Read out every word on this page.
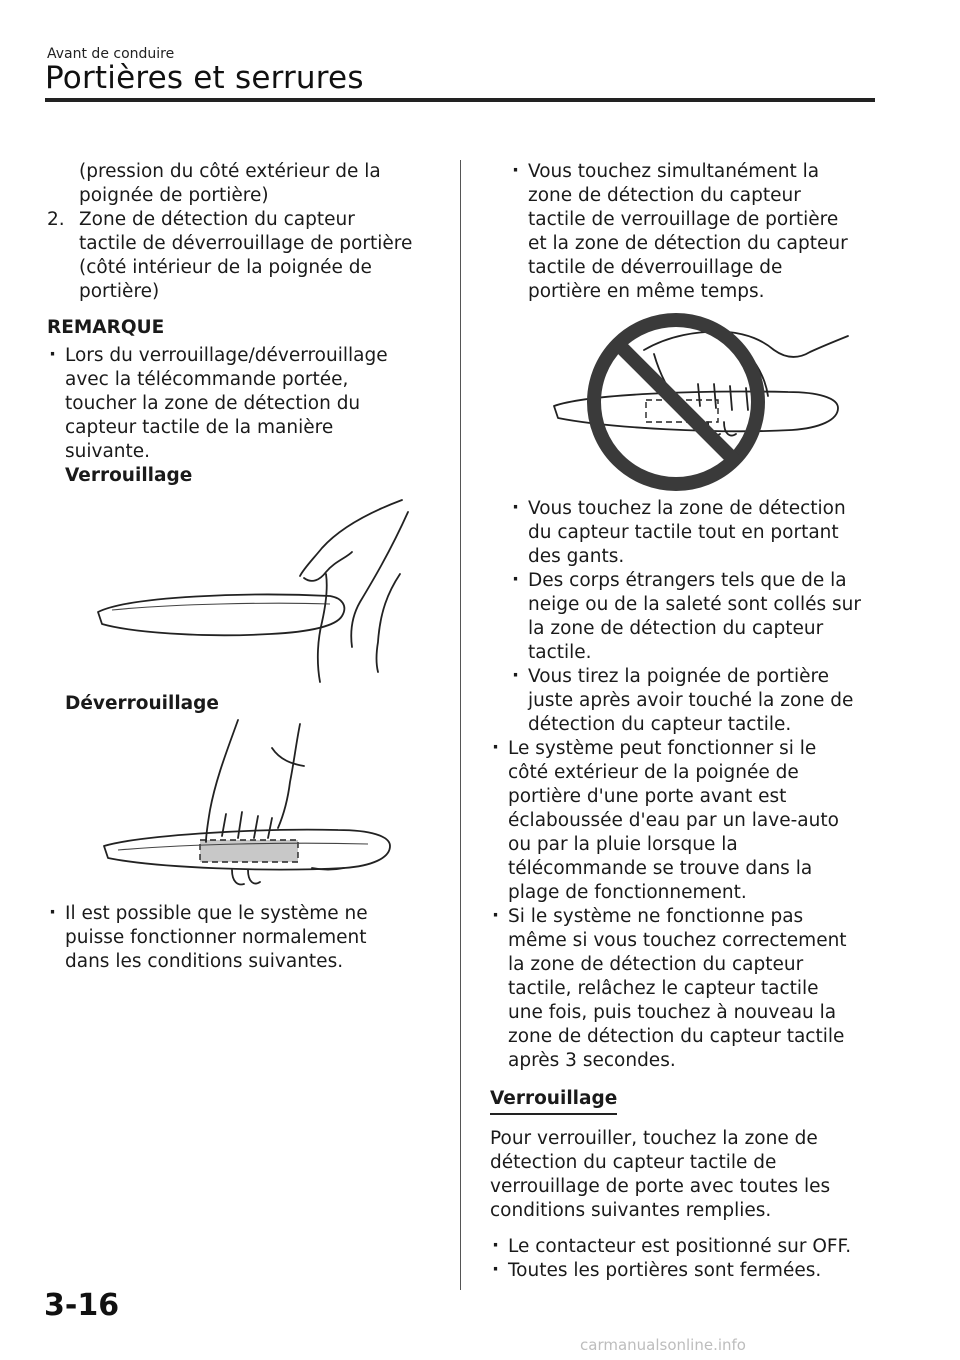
Avant de conduire
Portières et serrures

(pression du côté extérieur de la

poignée de portière)

2. Zone de détection du capteur

tactile de déverrouillage de portière

(côté intérieur de la poignée de

portière)

REMARQUE

· Lors du verrouillage/déverrouillage

avec la télécommande portée,

toucher la zone de détection du

capteur tactile de la manière

suivante.

Verrouillage

Déverrouillage

· Il est possible que le système ne

puisse fonctionner normalement

dans les conditions suivantes.

· Vous touchez simultanément la

zone de détection du capteur

tactile de verrouillage de portière

et la zone de détection du capteur

tactile de déverrouillage de

portière en même temps.

· Vous touchez la zone de détection

du capteur tactile tout en portant

des gants.

· Des corps étrangers tels que de la

neige ou de la saleté sont collés sur

la zone de détection du capteur

tactile.

· Vous tirez la poignée de portière

juste après avoir touché la zone de

détection du capteur tactile.

· Le système peut fonctionner si le

côté extérieur de la poignée de

portière d'une porte avant est

éclaboussée d'eau par un lave-auto

ou par la pluie lorsque la

télécommande se trouve dans la

plage de fonctionnement.

· Si le système ne fonctionne pas

même si vous touchez correctement

la zone de détection du capteur

tactile, relâchez le capteur tactile

une fois, puis touchez à nouveau la

zone de détection du capteur tactile

après 3 secondes.

Verrouillage

Pour verrouiller, touchez la zone de

détection du capteur tactile de

verrouillage de porte avec toutes les

conditions suivantes remplies.

· Le contacteur est positionné sur OFF.

· Toutes les portières sont fermées.

3-16
carmanualsonline.info
